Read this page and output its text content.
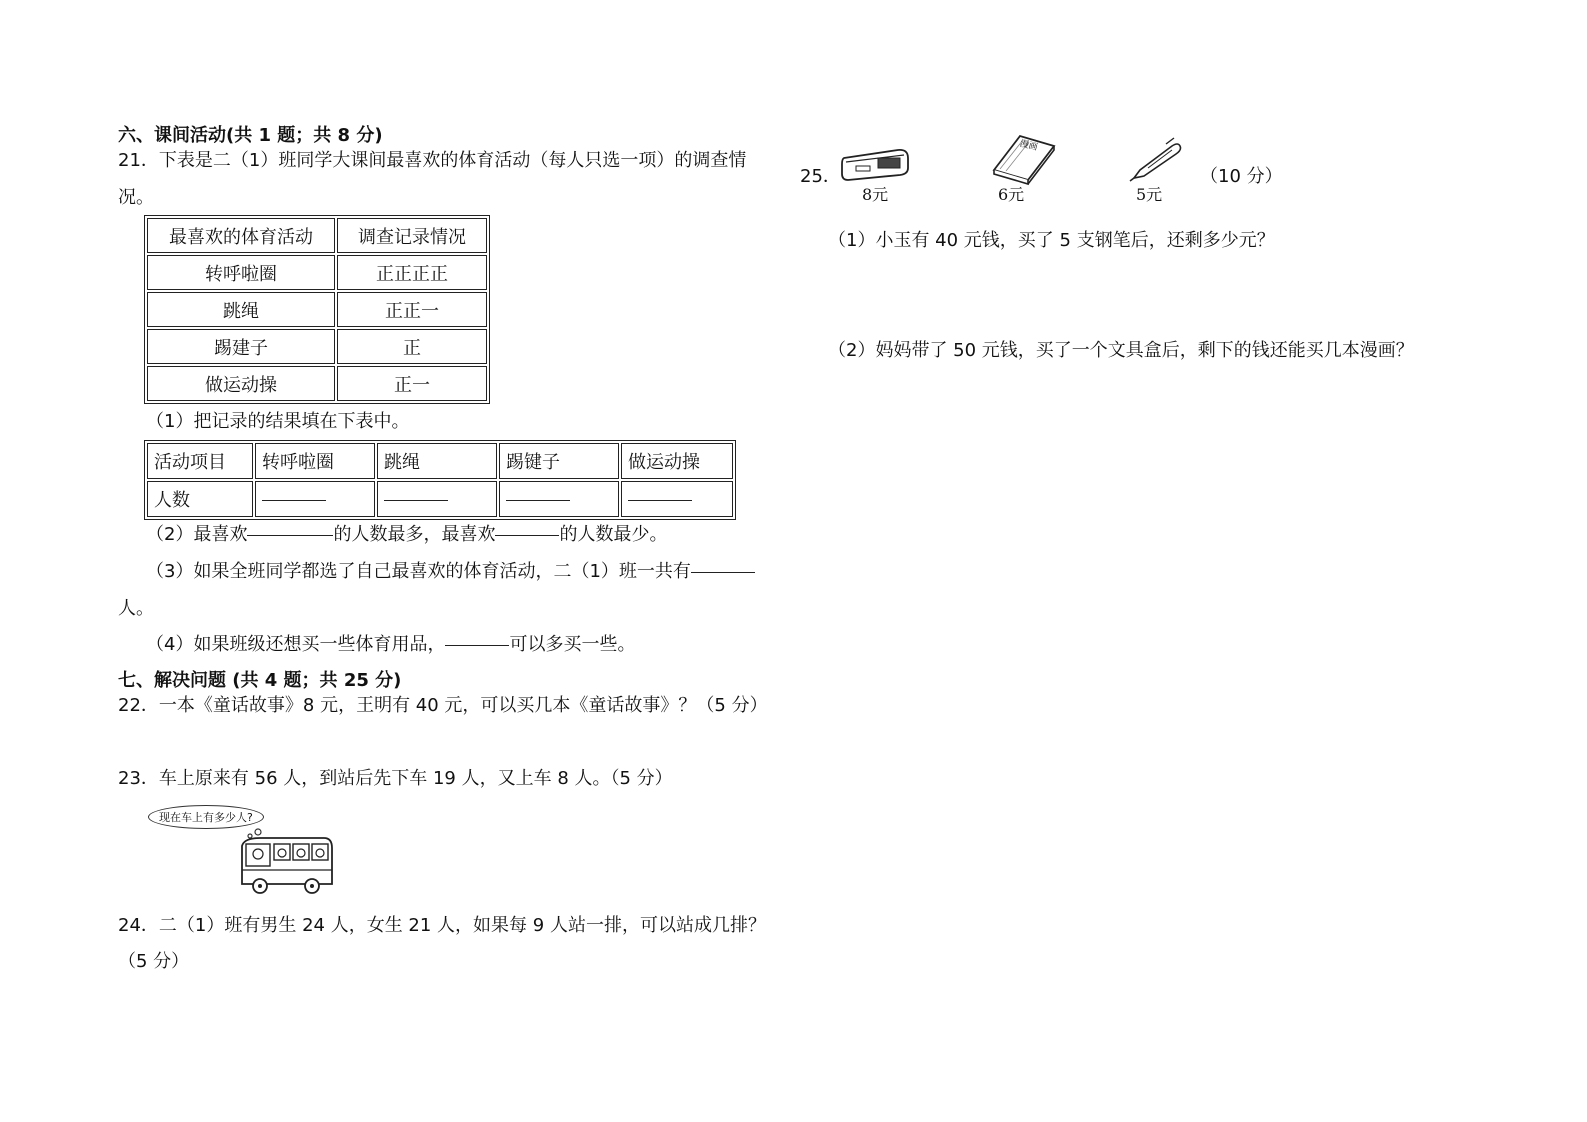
六、课间活动(共 1 题；共 8 分)
21．下表是二（1）班同学大课间最喜欢的体育活动（每人只选一项）的调查情
况。
最喜欢的体育活动	调查记录情况
转呼啦圈	正正正正
跳绳	正正一
踢建子	正
做运动操	正一
（1）把记录的结果填在下表中。
活动项目	转呼啦圈	跳绳	踢键子	做运动操
人数				
（2）最喜欢	的人数最多，最喜欢	的人数最少。
（3）如果全班同学都选了自己最喜欢的体育活动，二（1）班一共有
人。
（4）如果班级还想买一些体育用品，	可以多买一些。
七、解决问题 (共 4 题；共 25 分)
22．一本《童话故事》8 元，王明有 40 元，可以买几本《童话故事》？（5 分）
23．车上原来有 56 人，到站后先下车 19 人，又上车 8 人。（5 分）
现在车上有多少人?
24．二（1）班有男生 24 人，女生 21 人，如果每 9 人站一排，可以站成几排？
（5 分）
25．
8元
漫画
6元	5元
（10 分）
（1）小玉有 40 元钱，买了 5 支钢笔后，还剩多少元？
（2）妈妈带了 50 元钱，买了一个文具盒后，剩下的钱还能买几本漫画？
